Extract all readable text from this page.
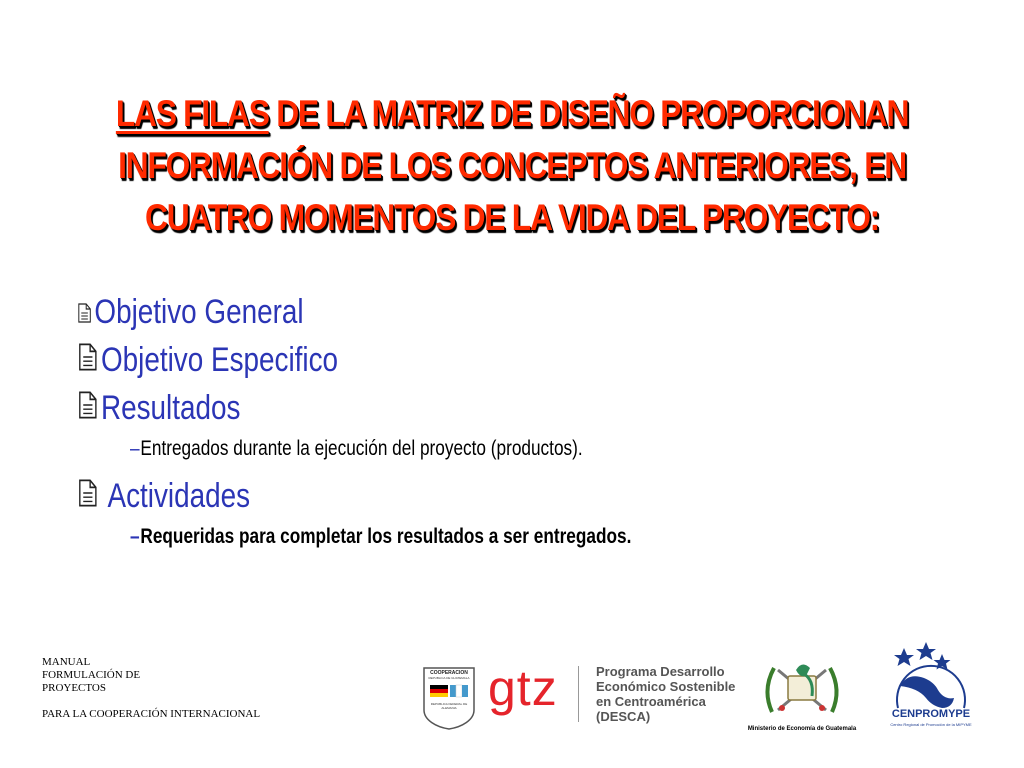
LAS FILAS DE LA MATRIZ DE DISEÑO PROPORCIONAN
INFORMACIÓN DE LOS CONCEPTOS ANTERIORES, EN
CUATRO MOMENTOS DE LA VIDA DEL PROYECTO:
Objetivo General
Objetivo Especifico
Resultados
– Entregados durante la ejecución del proyecto (productos).
Actividades
– Requeridas para completar los resultados a ser entregados.
MANUAL
FORMULACIÓN DE
PROYECTOS
PARA LA COOPERACIÓN INTERNACIONAL
COOPERACION
REPUBLICA DE GUATEMALA
REPUBLICA FEDERAL DE ALEMANIA gtz	Programa Desarrollo
Económico Sostenible
en Centroamérica
(DESCA)
Ministerio de Economía de Guatemala
CENPROMYPE
Centro Regional de Promoción de la MIPYME
